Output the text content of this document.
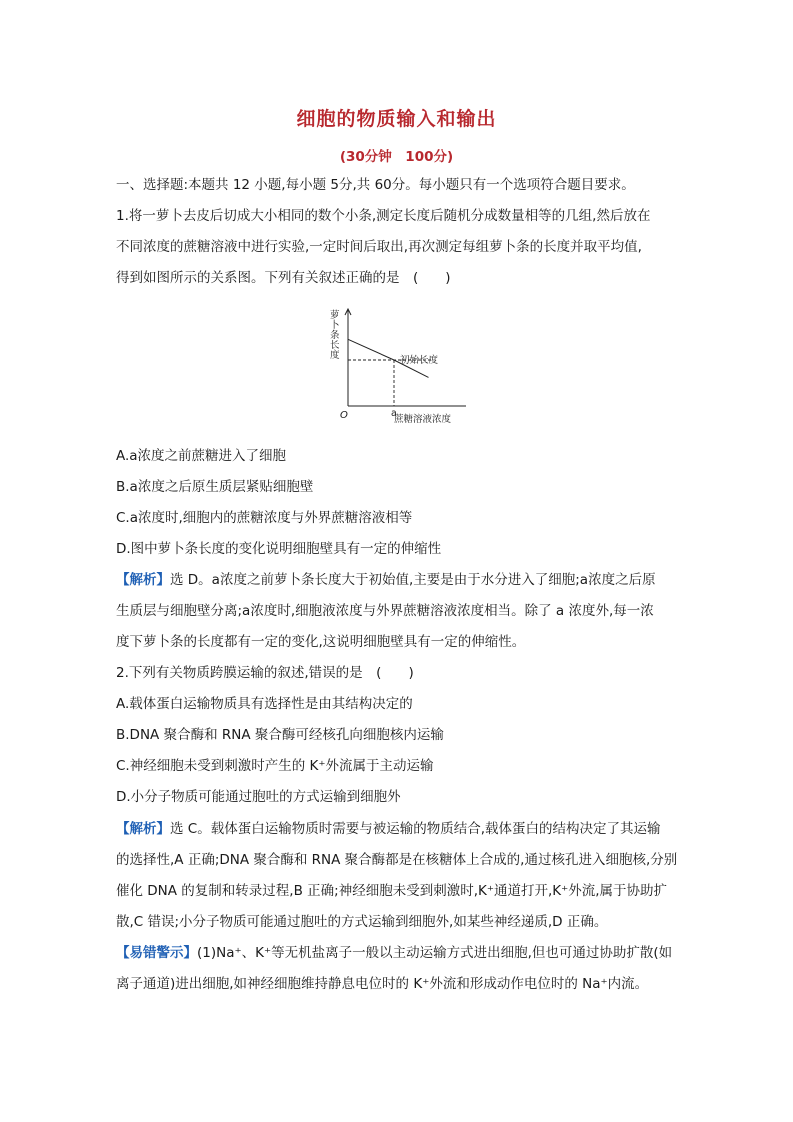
细胞的物质输入和输出
(30分钟　100分)
一、选择题:本题共 12 小题,每小题 5分,共 60分。每小题只有一个选项符合题目要求。
1.将一萝卜去皮后切成大小相同的数个小条,测定长度后随机分成数量相等的几组,然后放在
不同浓度的蔗糖溶液中进行实验,一定时间后取出,再次测定每组萝卜条的长度并取平均值,
得到如图所示的关系图。下列有关叙述正确的是　(　　)
萝卜条长度
O	蔗糖溶液浓度
a
初始长度
A.a浓度之前蔗糖进入了细胞
B.a浓度之后原生质层紧贴细胞壁
C.a浓度时,细胞内的蔗糖浓度与外界蔗糖溶液相等
D.图中萝卜条长度的变化说明细胞壁具有一定的伸缩性
【解析】选 D。a浓度之前萝卜条长度大于初始值,主要是由于水分进入了细胞;a浓度之后原
生质层与细胞壁分离;a浓度时,细胞液浓度与外界蔗糖溶液浓度相当。除了 a 浓度外,每一浓
度下萝卜条的长度都有一定的变化,这说明细胞壁具有一定的伸缩性。
2.下列有关物质跨膜运输的叙述,错误的是　(　　)
A.载体蛋白运输物质具有选择性是由其结构决定的
B.DNA 聚合酶和 RNA 聚合酶可经核孔向细胞核内运输
C.神经细胞未受到刺激时产生的 K⁺外流属于主动运输
D.小分子物质可能通过胞吐的方式运输到细胞外
【解析】选 C。载体蛋白运输物质时需要与被运输的物质结合,载体蛋白的结构决定了其运输
的选择性,A 正确;DNA 聚合酶和 RNA 聚合酶都是在核糖体上合成的,通过核孔进入细胞核,分别
催化 DNA 的复制和转录过程,B 正确;神经细胞未受到刺激时,K⁺通道打开,K⁺外流,属于协助扩
散,C 错误;小分子物质可能通过胞吐的方式运输到细胞外,如某些神经递质,D 正确。
【易错警示】(1)Na⁺、K⁺等无机盐离子一般以主动运输方式进出细胞,但也可通过协助扩散(如
离子通道)进出细胞,如神经细胞维持静息电位时的 K⁺外流和形成动作电位时的 Na⁺内流。
